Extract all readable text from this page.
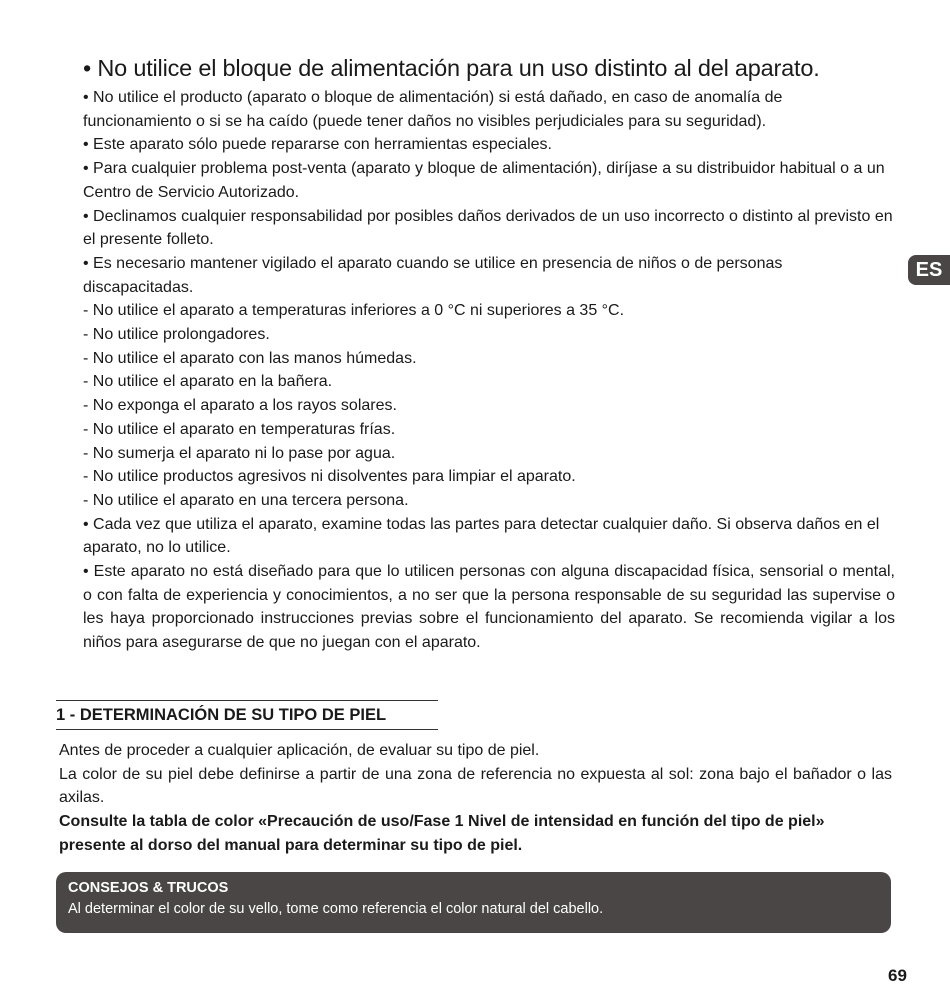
• No utilice el bloque de alimentación para un uso distinto al del aparato.

• No utilice el producto (aparato o bloque de alimentación) si está dañado, en caso de anomalía de funcionamiento o si se ha caído (puede tener daños no visibles perjudiciales para su seguridad).

• Este aparato sólo puede repararse con herramientas especiales.

• Para cualquier problema post-venta (aparato y bloque de alimentación), diríjase a su distribuidor habitual o a un Centro de Servicio Autorizado.

• Declinamos cualquier responsabilidad por posibles daños derivados de un uso incorrecto o distinto al previsto en el presente folleto.

• Es necesario mantener vigilado el aparato cuando se utilice en presencia de niños o de personas discapacitadas.

- No utilice el aparato a temperaturas inferiores a 0 °C ni superiores a 35 °C.

- No utilice prolongadores.

- No utilice el aparato con las manos húmedas.

- No utilice el aparato en la bañera.

- No exponga el aparato a los rayos solares.

- No utilice el aparato en temperaturas frías.

- No sumerja el aparato ni lo pase por agua.

- No utilice productos agresivos ni disolventes para limpiar el aparato.

- No utilice el aparato en una tercera persona.

• Cada vez que utiliza el aparato, examine todas las partes para detectar cualquier daño. Si observa daños en el aparato, no lo utilice.

• Este aparato no está diseñado para que lo utilicen personas con alguna discapacidad física, sensorial o mental, o con falta de experiencia y conocimientos, a no ser que la persona responsable de su seguridad las supervise o les haya proporcionado instrucciones previas sobre el funcionamiento del aparato. Se recomienda vigilar a los niños para asegurarse de que no juegan con el aparato.

ES
1 - DETERMINACIÓN DE SU TIPO DE PIEL

Antes de proceder a cualquier aplicación, de evaluar su tipo de piel.

La color de su piel debe definirse a partir de una zona de referencia no expuesta al sol: zona bajo el bañador o las axilas.

Consulte la tabla de color «Precaución de uso/Fase 1 Nivel de intensidad en función del tipo de piel» presente al dorso del manual para determinar su tipo de piel.

CONSEJOS & TRUCOS
Al determinar el color de su vello, tome como referencia el color natural del cabello.
69
